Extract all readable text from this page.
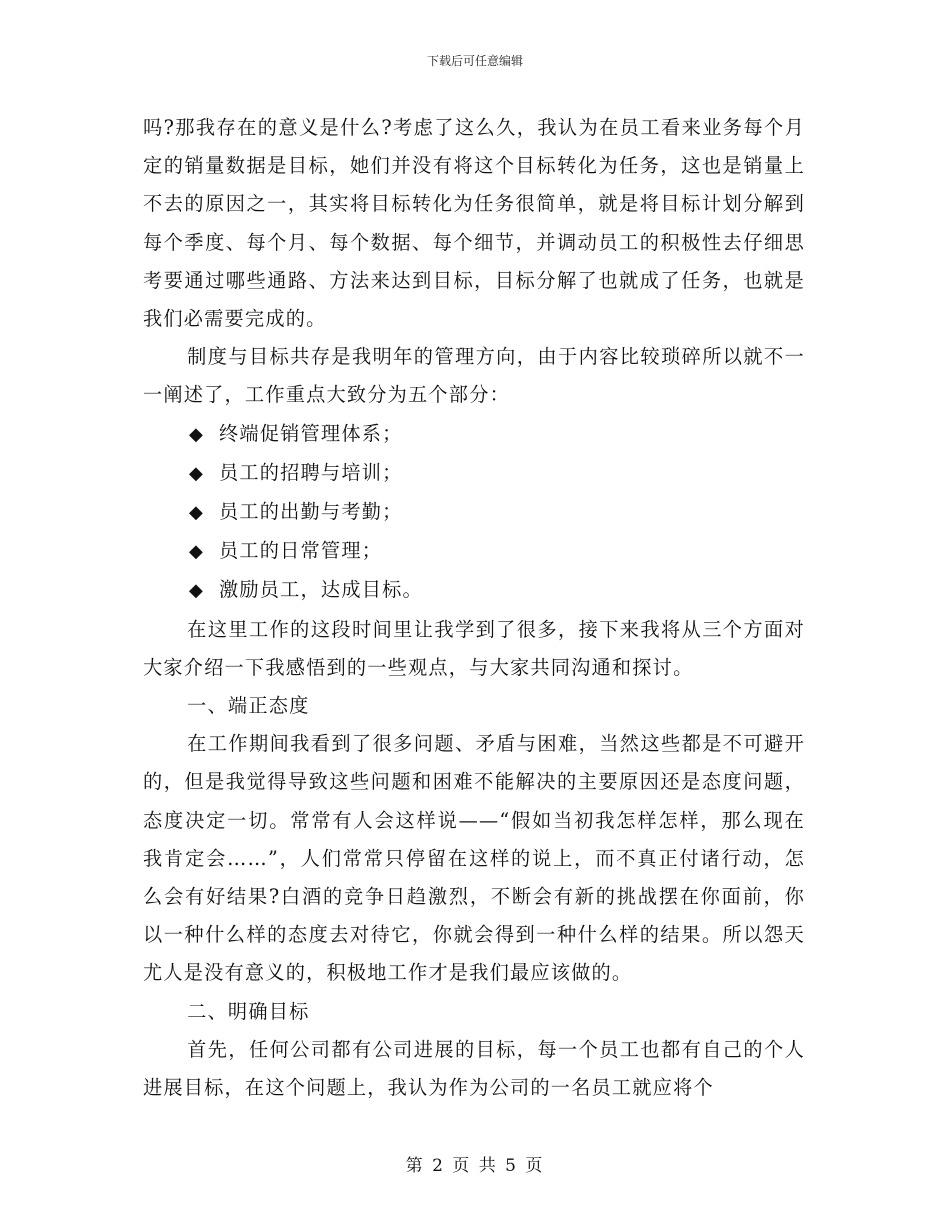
下载后可任意编辑

吗?那我存在的意义是什么?考虑了这么久，我认为在员工看来业务每个月定的销量数据是目标，她们并没有将这个目标转化为任务，这也是销量上不去的原因之一，其实将目标转化为任务很简单，就是将目标计划分解到每个季度、每个月、每个数据、每个细节，并调动员工的积极性去仔细思考要通过哪些通路、方法来达到目标，目标分解了也就成了任务，也就是我们必需要完成的。

制度与目标共存是我明年的管理方向，由于内容比较琐碎所以就不一一阐述了，工作重点大致分为五个部分：

◆ 终端促销管理体系；
◆ 员工的招聘与培训；
◆ 员工的出勤与考勤；
◆ 员工的日常管理；
◆ 激励员工，达成目标。

在这里工作的这段时间里让我学到了很多，接下来我将从三个方面对大家介绍一下我感悟到的一些观点，与大家共同沟通和探讨。

一、端正态度

在工作期间我看到了很多问题、矛盾与困难，当然这些都是不可避开的，但是我觉得导致这些问题和困难不能解决的主要原因还是态度问题，态度决定一切。常常有人会这样说——“假如当初我怎样怎样，那么现在我肯定会……”，人们常常只停留在这样的说上，而不真正付诸行动，怎么会有好结果?白酒的竞争日趋激烈，不断会有新的挑战摆在你面前，你以一种什么样的态度去对待它，你就会得到一种什么样的结果。所以怨天尤人是没有意义的，积极地工作才是我们最应该做的。

二、明确目标

首先，任何公司都有公司进展的目标，每一个员工也都有自己的个人进展目标，在这个问题上，我认为作为公司的一名员工就应将个

第 2 页 共 5 页
